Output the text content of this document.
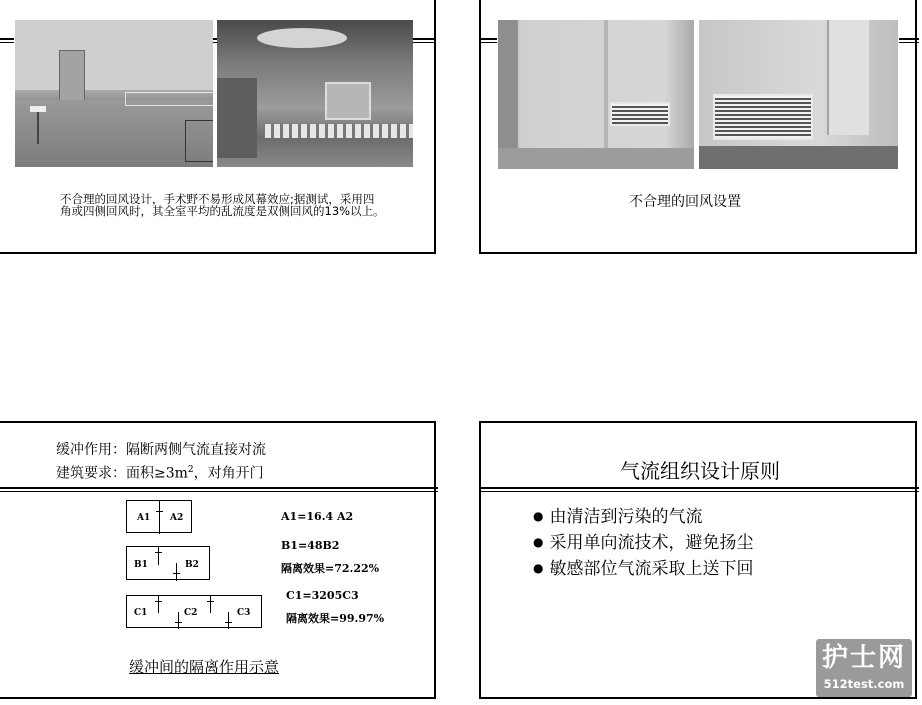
不合理的回风设计，手术野不易形成风幕效应;据测试，采用四角或四侧回风时，其全室平均的乱流度是双侧回风的13%以上。
不合理的回风设置
缓冲作用：隔断两侧气流直接对流
建筑要求：面积$\ge 3m^2$，对角开门
A1 A2	A1=16.4 A2
B1	B2
B1=48B2
隔离效果=72.22%
C1	C2	C3
C1=3205C3
隔离效果=99.97%
缓冲间的隔离作用示意
气流组织设计原则
● 由清洁到污染的气流
● 采用单向流技术，避免扬尘
● 敏感部位气流采取上送下回
护士网
512test.com
